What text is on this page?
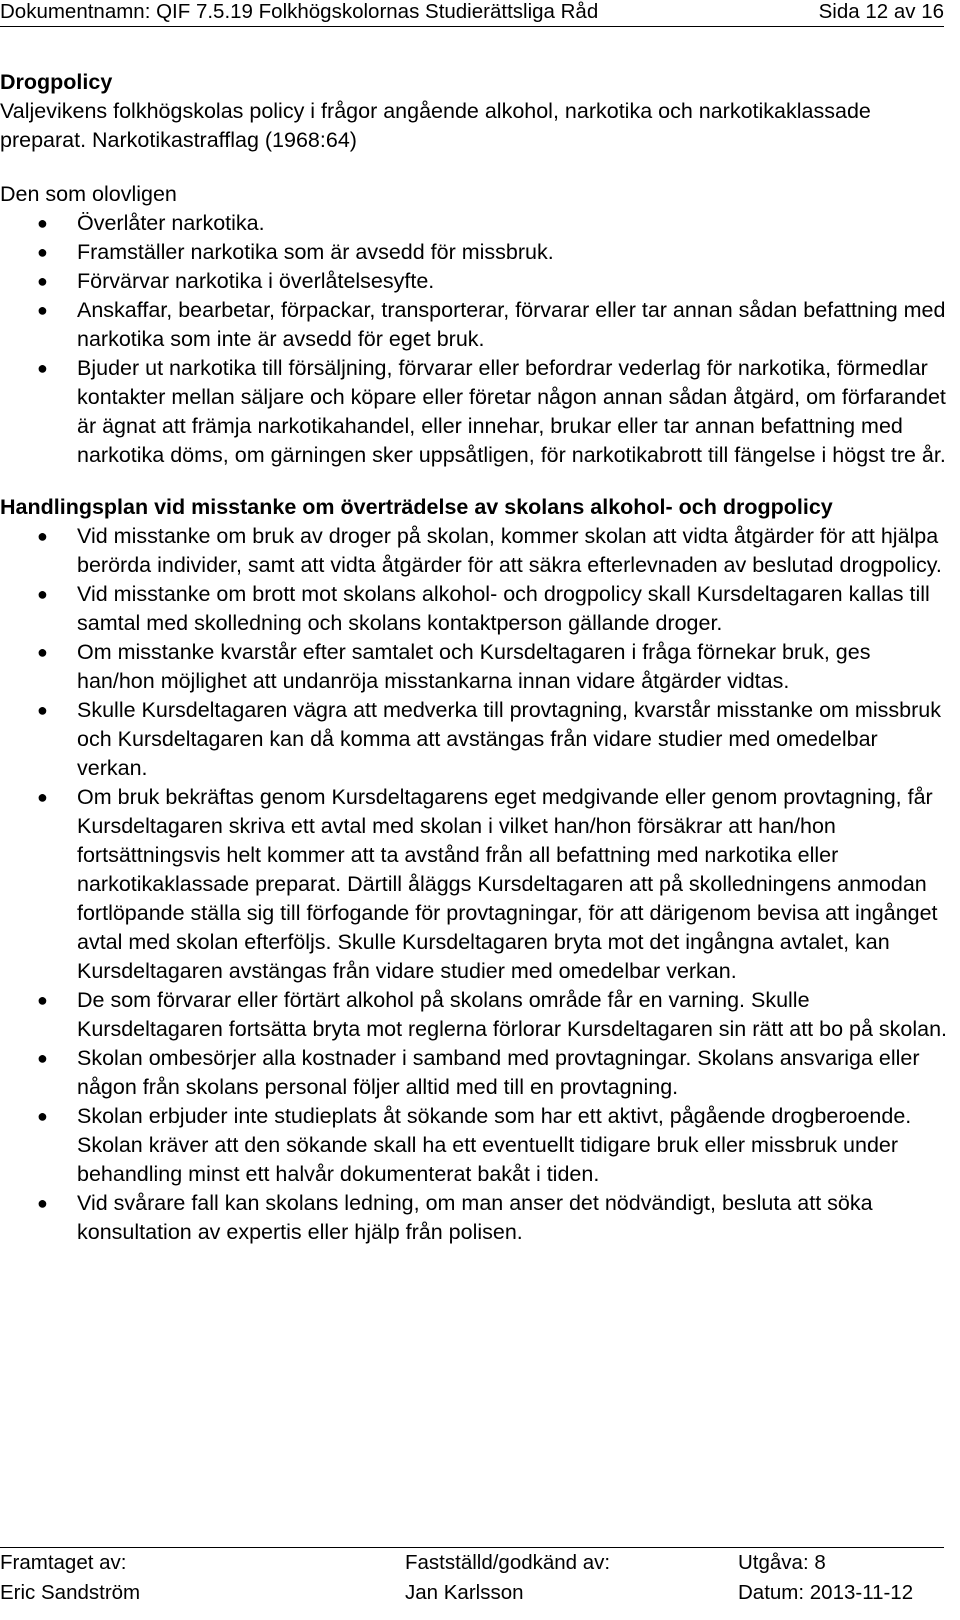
Dokumentnamn: QIF 7.5.19 Folkhögskolornas Studierättsliga Råd	Sida 12 av 16

Drogpolicy

Valjevikens folkhögskolas policy i frågor angående alkohol, narkotika och narkotikaklassade preparat. Narkotikastrafflag (1968:64)

Den som olovligen

● Överlåter narkotika.
● Framställer narkotika som är avsedd för missbruk.
● Förvärvar narkotika i överlåtelsesyfte.
● Anskaffar, bearbetar, förpackar, transporterar, förvarar eller tar annan sådan befattning med narkotika som inte är avsedd för eget bruk.
● Bjuder ut narkotika till försäljning, förvarar eller befordrar vederlag för narkotika, förmedlar kontakter mellan säljare och köpare eller företar någon annan sådan åtgärd, om förfarandet är ägnat att främja narkotikahandel, eller innehar, brukar eller tar annan befattning med narkotika döms, om gärningen sker uppsåtligen, för narkotikabrott till fängelse i högst tre år.

Handlingsplan vid misstanke om överträdelse av skolans alkohol- och drogpolicy

● Vid misstanke om bruk av droger på skolan, kommer skolan att vidta åtgärder för att hjälpa berörda individer, samt att vidta åtgärder för att säkra efterlevnaden av beslutad drogpolicy.
● Vid misstanke om brott mot skolans alkohol- och drogpolicy skall Kursdeltagaren kallas till samtal med skolledning och skolans kontaktperson gällande droger.
● Om misstanke kvarstår efter samtalet och Kursdeltagaren i fråga förnekar bruk, ges han/hon möjlighet att undanröja misstankarna innan vidare åtgärder vidtas.
● Skulle Kursdeltagaren vägra att medverka till provtagning, kvarstår misstanke om missbruk och Kursdeltagaren kan då komma att avstängas från vidare studier med omedelbar verkan.
● Om bruk bekräftas genom Kursdeltagarens eget medgivande eller genom provtagning, får Kursdeltagaren skriva ett avtal med skolan i vilket han/hon försäkrar att han/hon fortsättningsvis helt kommer att ta avstånd från all befattning med narkotika eller narkotikaklassade preparat. Därtill åläggs Kursdeltagaren att på skolledningens anmodan fortlöpande ställa sig till förfogande för provtagningar, för att därigenom bevisa att ingånget avtal med skolan efterföljs. Skulle Kursdeltagaren bryta mot det ingångna avtalet, kan Kursdeltagaren avstängas från vidare studier med omedelbar verkan.
● De som förvarar eller förtärt alkohol på skolans område får en varning. Skulle Kursdeltagaren fortsätta bryta mot reglerna förlorar Kursdeltagaren sin rätt att bo på skolan.
● Skolan ombesörjer alla kostnader i samband med provtagningar. Skolans ansvariga eller någon från skolans personal följer alltid med till en provtagning.
● Skolan erbjuder inte studieplats åt sökande som har ett aktivt, pågående drogberoende. Skolan kräver att den sökande skall ha ett eventuellt tidigare bruk eller missbruk under behandling minst ett halvår dokumenterat bakåt i tiden.
● Vid svårare fall kan skolans ledning, om man anser det nödvändigt, besluta att söka konsultation av expertis eller hjälp från polisen.
Framtaget av:
Eric Sandström
Fastställd/godkänd av:
Jan Karlsson
Utgåva: 8
Datum: 2013-11-12
